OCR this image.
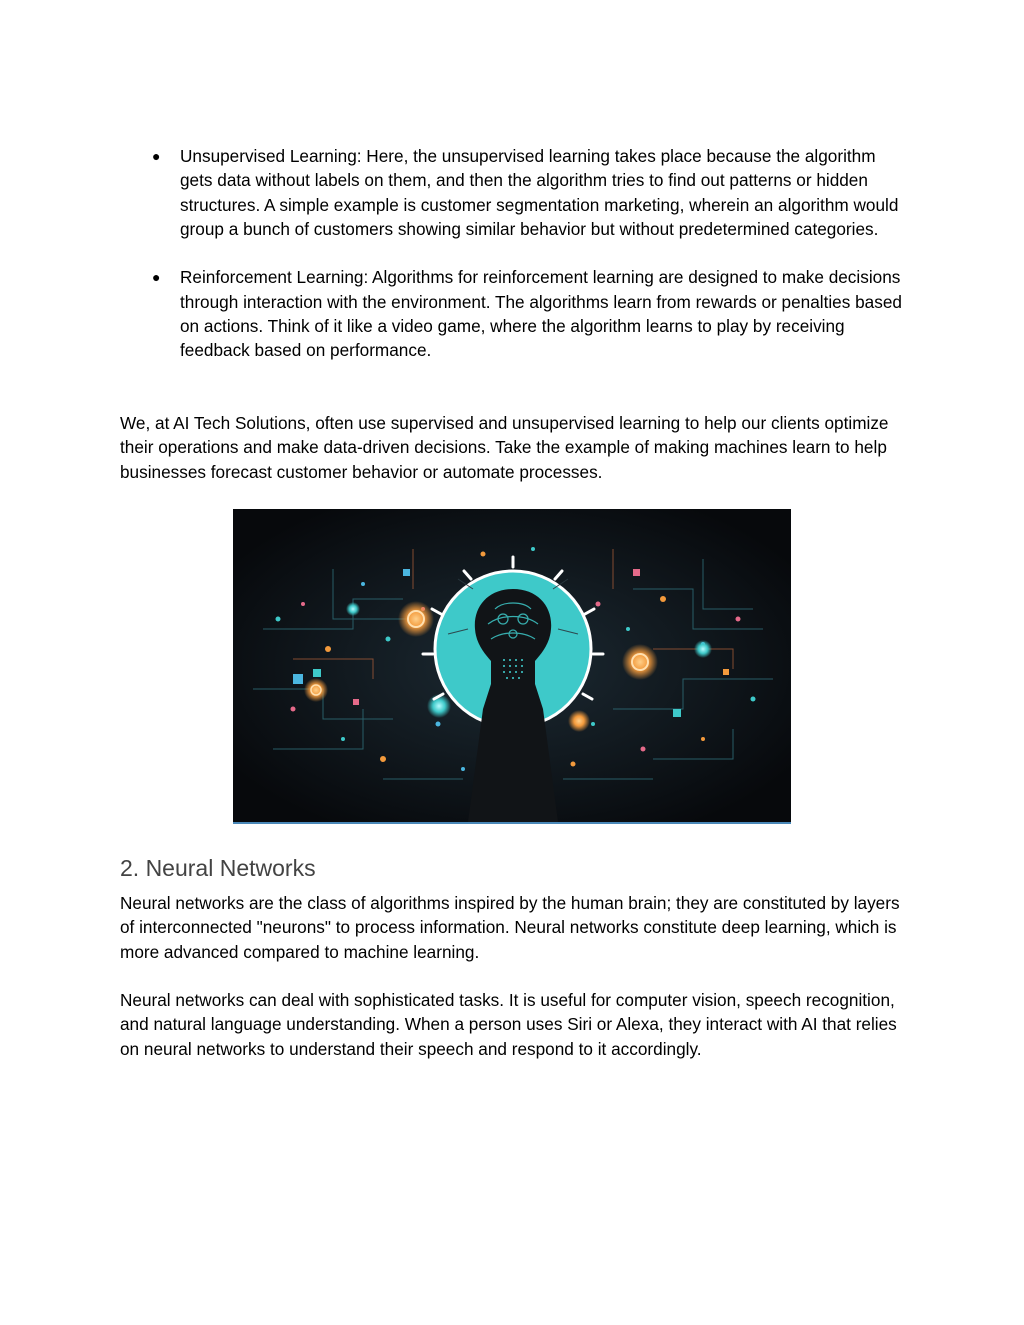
● Unsupervised Learning: Here, the unsupervised learning takes place because the algorithm gets data without labels on them, and then the algorithm tries to find out patterns or hidden structures. A simple example is customer segmentation marketing, wherein an algorithm would group a bunch of customers showing similar behavior but without predetermined categories.
● Reinforcement Learning: Algorithms for reinforcement learning are designed to make decisions through interaction with the environment. The algorithms learn from rewards or penalties based on actions. Think of it like a video game, where the algorithm learns to play by receiving feedback based on performance.

We, at AI Tech Solutions, often use supervised and unsupervised learning to help our clients optimize their operations and make data-driven decisions. Take the example of making machines learn to help businesses forecast customer behavior or automate processes.

2. Neural Networks

Neural networks are the class of algorithms inspired by the human brain; they are constituted by layers of interconnected "neurons" to process information. Neural networks constitute deep learning, which is more advanced compared to machine learning.

Neural networks can deal with sophisticated tasks. It is useful for computer vision, speech recognition, and natural language understanding. When a person uses Siri or Alexa, they interact with AI that relies on neural networks to understand their speech and respond to it accordingly.
